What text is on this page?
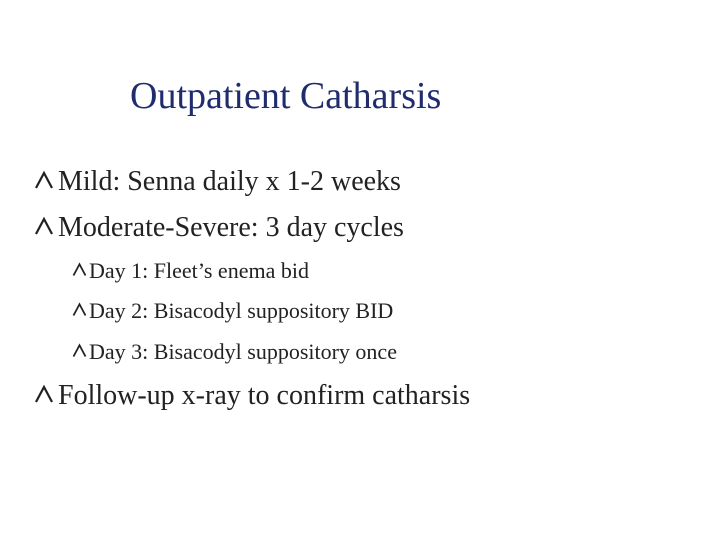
Outpatient Catharsis
Mild: Senna daily x 1-2 weeks
Moderate-Severe: 3 day cycles
Day 1: Fleet’s enema bid
Day 2: Bisacodyl suppository BID
Day 3: Bisacodyl suppository once
Follow-up x-ray to confirm catharsis
